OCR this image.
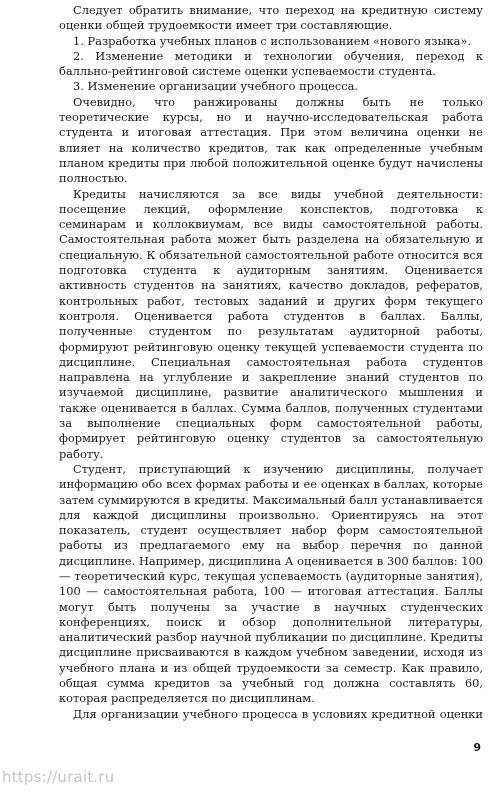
Следует обратить внимание, что переход на кредитную систему оценки общей трудоемкости имеет три составляющие.

1. Разработка учебных планов с использованием «нового языка».

2. Изменение методики и технологии обучения, переход к балльно-рейтинговой системе оценки успеваемости студента.

3. Изменение организации учебного процесса.

Очевидно, что ранжированы должны быть не только теоретические курсы, но и научно-исследовательская работа студента и итоговая аттестация. При этом величина оценки не влияет на количество кредитов, так как определенные учебным планом кредиты при любой положительной оценке будут начислены полностью.

Кредиты начисляются за все виды учебной деятельности: посещение лекций, оформление конспектов, подготовка к семинарам и коллоквиумам, все виды самостоятельной работы. Самостоятельная работа может быть разделена на обязательную и специальную. К обязательной самостоятельной работе относится вся подготовка студента к аудиторным занятиям. Оценивается активность студентов на занятиях, качество докладов, рефератов, контрольных работ, тестовых заданий и других форм текущего контроля. Оценивается работа студентов в баллах. Баллы, полученные студентом по результатам аудиторной работы, формируют рейтинговую оценку текущей успеваемости студента по дисциплине. Специальная самостоятельная работа студентов направлена на углубление и закрепление знаний студентов по изучаемой дисциплине, развитие аналитического мышления и также оценивается в баллах. Сумма баллов, полученных студентами за выполнение специальных форм самостоятельной работы, формирует рейтинговую оценку студентов за самостоятельную работу.

Студент, приступающий к изучению дисциплины, получает информацию обо всех формах работы и ее оценках в баллах, которые затем суммируются в кредиты. Максимальный балл устанавливается для каждой дисциплины произвольно. Ориентируясь на этот показатель, студент осуществляет набор форм самостоятельной работы из предлагаемого ему на выбор перечня по данной дисциплине. Например, дисциплина А оценивается в 300 баллов: 100 — теоретический курс, текущая успеваемость (аудиторные занятия), 100 — самостоятельная работа, 100 — итоговая аттестация. Баллы могут быть получены за участие в научных студенческих конференциях, поиск и обзор дополнительной литературы, аналитический разбор научной публикации по дисциплине. Кредиты дисциплине присваиваются в каждом учебном заведении, исходя из учебного плана и из общей трудоемкости за семестр. Как правило, общая сумма кредитов за учебный год должна составлять 60, которая распределяется по дисциплинам.

Для организации учебного процесса в условиях кредитной оценки

9
https://urait.ru
